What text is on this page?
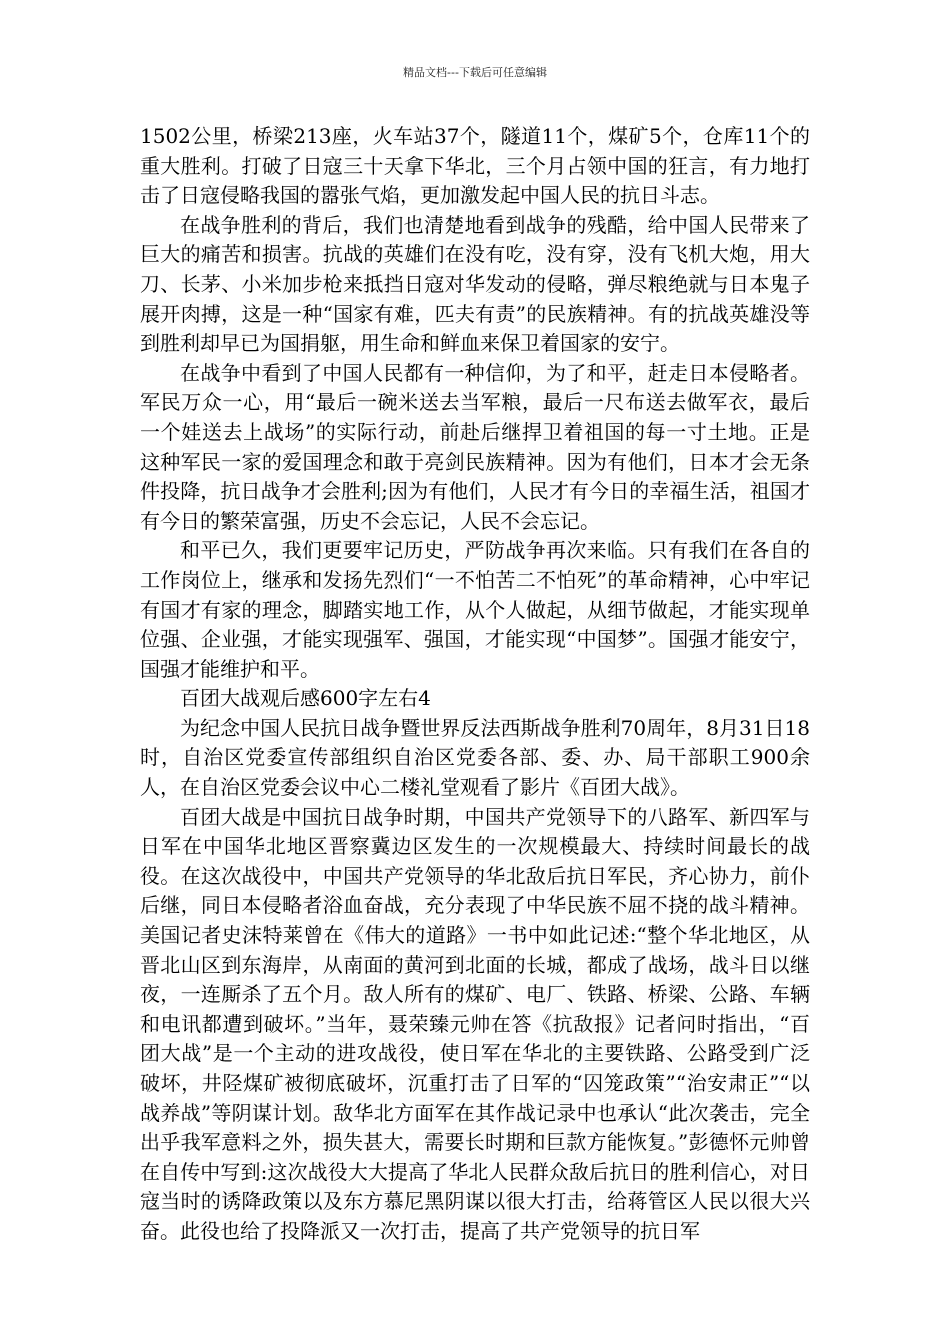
精品文档---下载后可任意编辑

1502公里，桥梁213座，火车站37个，隧道11个，煤矿5个，仓库11个的重大胜利。打破了日寇三十天拿下华北，三个月占领中国的狂言，有力地打击了日寇侵略我国的嚣张气焰，更加激发起中国人民的抗日斗志。

在战争胜利的背后，我们也清楚地看到战争的残酷，给中国人民带来了巨大的痛苦和损害。抗战的英雄们在没有吃，没有穿，没有飞机大炮，用大刀、长茅、小米加步枪来抵挡日寇对华发动的侵略，弹尽粮绝就与日本鬼子展开肉搏，这是一种“国家有难，匹夫有责”的民族精神。有的抗战英雄没等到胜利却早已为国捐躯，用生命和鲜血来保卫着国家的安宁。

在战争中看到了中国人民都有一种信仰，为了和平，赶走日本侵略者。军民万众一心，用“最后一碗米送去当军粮，最后一尺布送去做军衣，最后一个娃送去上战场”的实际行动，前赴后继捍卫着祖国的每一寸土地。正是这种军民一家的爱国理念和敢于亮剑民族精神。因为有他们，日本才会无条件投降，抗日战争才会胜利;因为有他们，人民才有今日的幸福生活，祖国才有今日的繁荣富强，历史不会忘记，人民不会忘记。

和平已久，我们更要牢记历史，严防战争再次来临。只有我们在各自的工作岗位上，继承和发扬先烈们“一不怕苦二不怕死”的革命精神，心中牢记有国才有家的理念，脚踏实地工作，从个人做起，从细节做起，才能实现单位强、企业强，才能实现强军、强国，才能实现“中国梦”。国强才能安宁，国强才能维护和平。

百团大战观后感600字左右4

为纪念中国人民抗日战争暨世界反法西斯战争胜利70周年，8月31日18时，自治区党委宣传部组织自治区党委各部、委、办、局干部职工900余人，在自治区党委会议中心二楼礼堂观看了影片《百团大战》。

百团大战是中国抗日战争时期，中国共产党领导下的八路军、新四军与日军在中国华北地区晋察冀边区发生的一次规模最大、持续时间最长的战役。在这次战役中，中国共产党领导的华北敌后抗日军民，齐心协力，前仆后继，同日本侵略者浴血奋战，充分表现了中华民族不屈不挠的战斗精神。美国记者史沫特莱曾在《伟大的道路》一书中如此记述:“整个华北地区，从晋北山区到东海岸，从南面的黄河到北面的长城，都成了战场，战斗日以继夜，一连厮杀了五个月。敌人所有的煤矿、电厂、铁路、桥梁、公路、车辆和电讯都遭到破坏。”当年，聂荣臻元帅在答《抗敌报》记者问时指出，“百团大战”是一个主动的进攻战役，使日军在华北的主要铁路、公路受到广泛破坏，井陉煤矿被彻底破坏，沉重打击了日军的“囚笼政策”“治安肃正”“以战养战”等阴谋计划。敌华北方面军在其作战记录中也承认“此次袭击，完全出乎我军意料之外，损失甚大，需要长时期和巨款方能恢复。”彭德怀元帅曾在自传中写到:这次战役大大提高了华北人民群众敌后抗日的胜利信心，对日寇当时的诱降政策以及东方慕尼黑阴谋以很大打击，给蒋管区人民以很大兴奋。此役也给了投降派又一次打击，提高了共产党领导的抗日军
